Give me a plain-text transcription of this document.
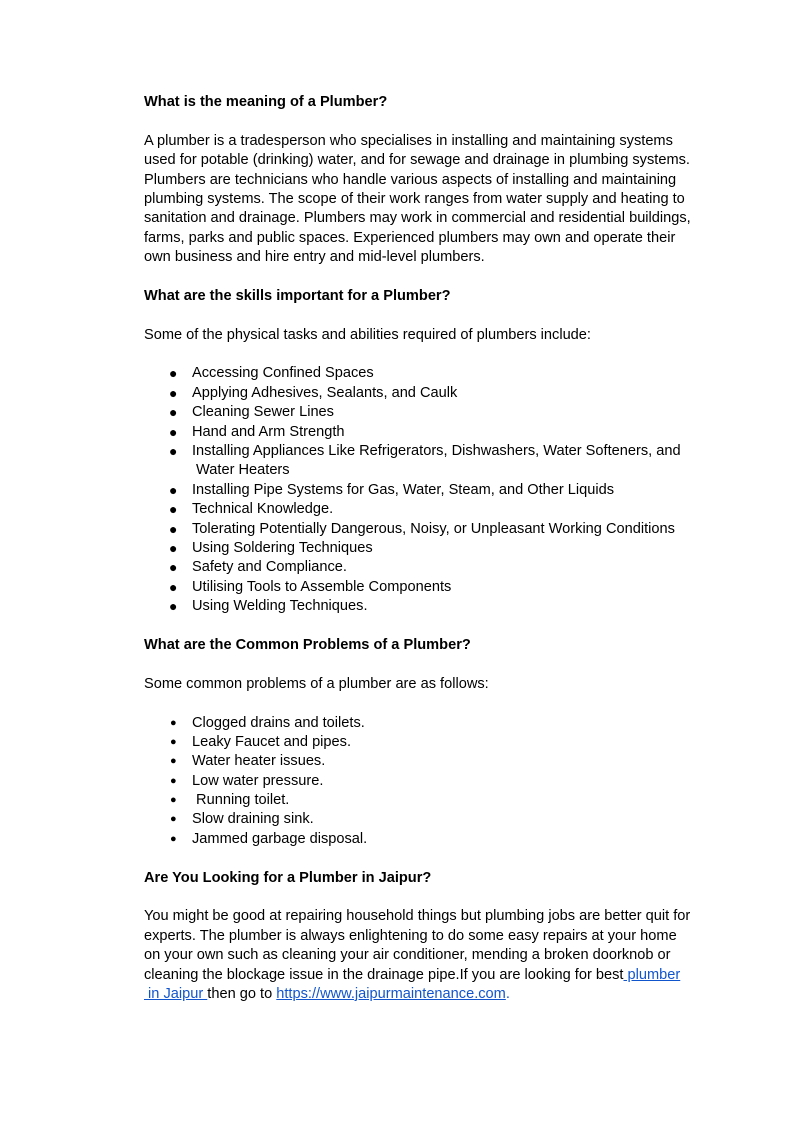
What is the meaning of a Plumber?
A plumber is a tradesperson who specialises in installing and maintaining systems
used for potable (drinking) water, and for sewage and drainage in plumbing systems.
Plumbers are technicians who handle various aspects of installing and maintaining
plumbing systems. The scope of their work ranges from water supply and heating to
sanitation and drainage. Plumbers may work in commercial and residential buildings,
farms, parks and public spaces. Experienced plumbers may own and operate their
own business and hire entry and mid-level plumbers.
What are the skills important for a Plumber?
Some of the physical tasks and abilities required of plumbers include:
● Accessing Confined Spaces
● Applying Adhesives, Sealants, and Caulk
● Cleaning Sewer Lines
● Hand and Arm Strength
● Installing Appliances Like Refrigerators, Dishwashers, Water Softeners, and
Water Heaters
● Installing Pipe Systems for Gas, Water, Steam, and Other Liquids
● Technical Knowledge.
● Tolerating Potentially Dangerous, Noisy, or Unpleasant Working Conditions
● Using Soldering Techniques
● Safety and Compliance.
● Utilising Tools to Assemble Components
● Using Welding Techniques.
What are the Common Problems of a Plumber?
Some common problems of a plumber are as follows:
● Clogged drains and toilets.
● Leaky Faucet and pipes.
● Water heater issues.
● Low water pressure.
● Running toilet.
● Slow draining sink.
● Jammed garbage disposal.
Are You Looking for a Plumber in Jaipur?
You might be good at repairing household things but plumbing jobs are better quit for
experts. The plumber is always enlightening to do some easy repairs at your home
on your own such as cleaning your air conditioner, mending a broken doorknob or
cleaning the blockage issue in the drainage pipe.If you are looking for best plumber
in Jaipur then go to https://www.jaipurmaintenance.com.
